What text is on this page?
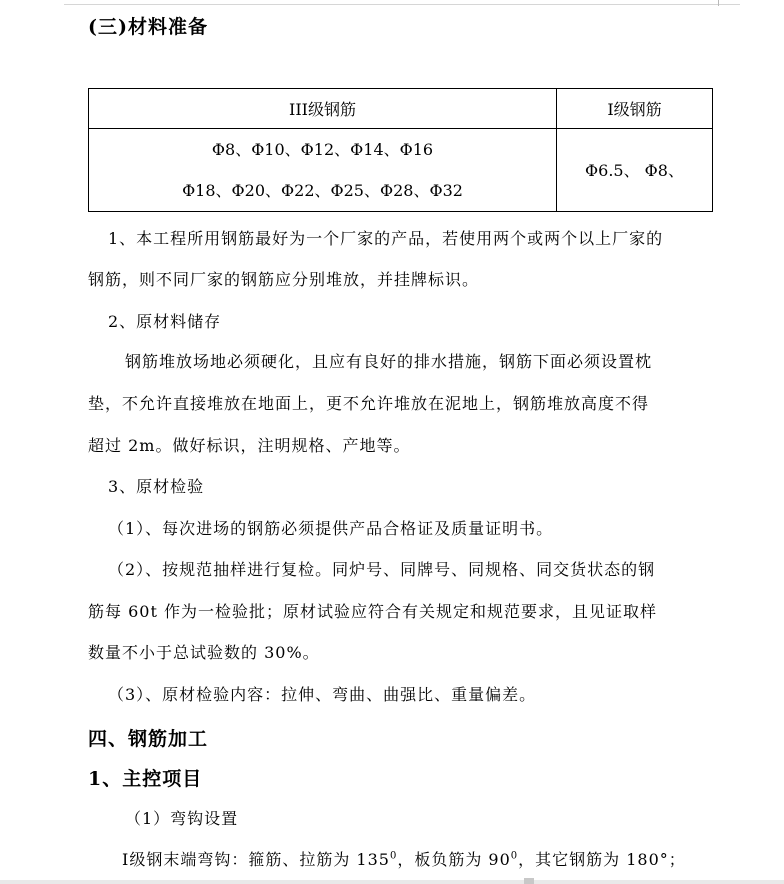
(三)材料准备
III级钢筋	Ⅰ级钢筋

Φ8、Φ10、Φ12、Φ14、Φ16
Φ18、Φ20、Φ22、Φ25、Φ28、Φ32	Φ6.5、 Φ8、
1、本工程所用钢筋最好为一个厂家的产品，若使用两个或两个以上厂家的
钢筋，则不同厂家的钢筋应分别堆放，并挂牌标识。
2、原材料储存
钢筋堆放场地必须硬化，且应有良好的排水措施，钢筋下面必须设置枕
垫，不允许直接堆放在地面上，更不允许堆放在泥地上，钢筋堆放高度不得
超过 2m。做好标识，注明规格、产地等。
3、原材检验
（1）、每次进场的钢筋必须提供产品合格证及质量证明书。
（2）、按规范抽样进行复检。同炉号、同牌号、同规格、同交货状态的钢
筋每 60t 作为一检验批；原材试验应符合有关规定和规范要求，且见证取样
数量不小于总试验数的 30%。
（3）、原材检验内容：拉伸、弯曲、曲强比、重量偏差。
四、钢筋加工
1、主控项目
（1）弯钩设置
Ⅰ级钢末端弯钩：箍筋、拉筋为 $135^0$，板负筋为 $90^0$，其它钢筋为 180°；
